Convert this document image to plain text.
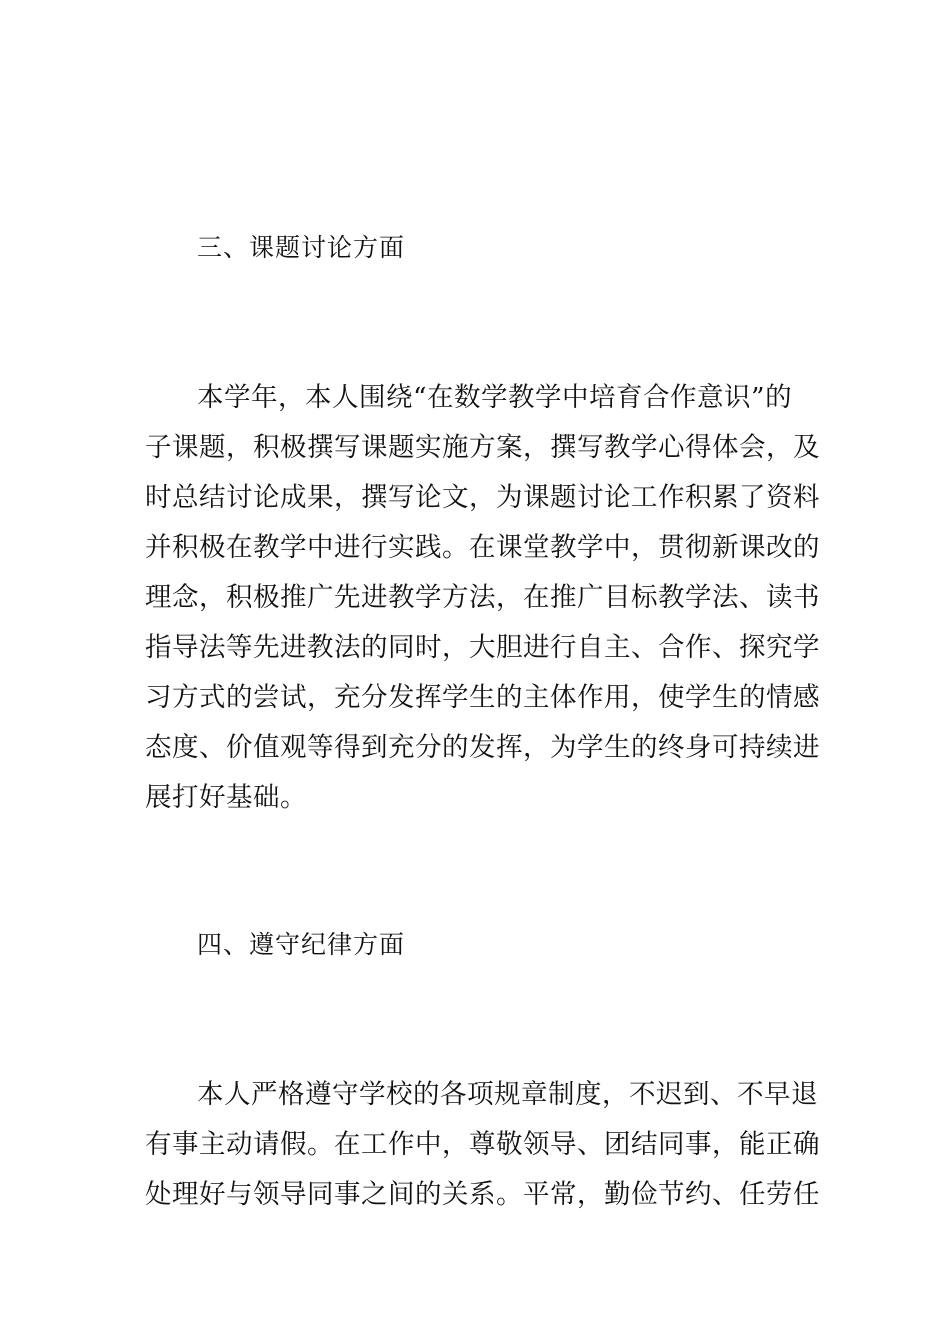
三、课题讨论方面
本学年，本人围绕“在数学教学中培育合作意识”的
子课题，积极撰写课题实施方案，撰写教学心得体会，及
时总结讨论成果，撰写论文，为课题讨论工作积累了资料
并积极在教学中进行实践。在课堂教学中，贯彻新课改的
理念，积极推广先进教学方法，在推广目标教学法、读书
指导法等先进教法的同时，大胆进行自主、合作、探究学
习方式的尝试，充分发挥学生的主体作用，使学生的情感
态度、价值观等得到充分的发挥，为学生的终身可持续进
展打好基础。
四、遵守纪律方面
本人严格遵守学校的各项规章制度，不迟到、不早退
有事主动请假。在工作中，尊敬领导、团结同事，能正确
处理好与领导同事之间的关系。平常，勤俭节约、任劳任
